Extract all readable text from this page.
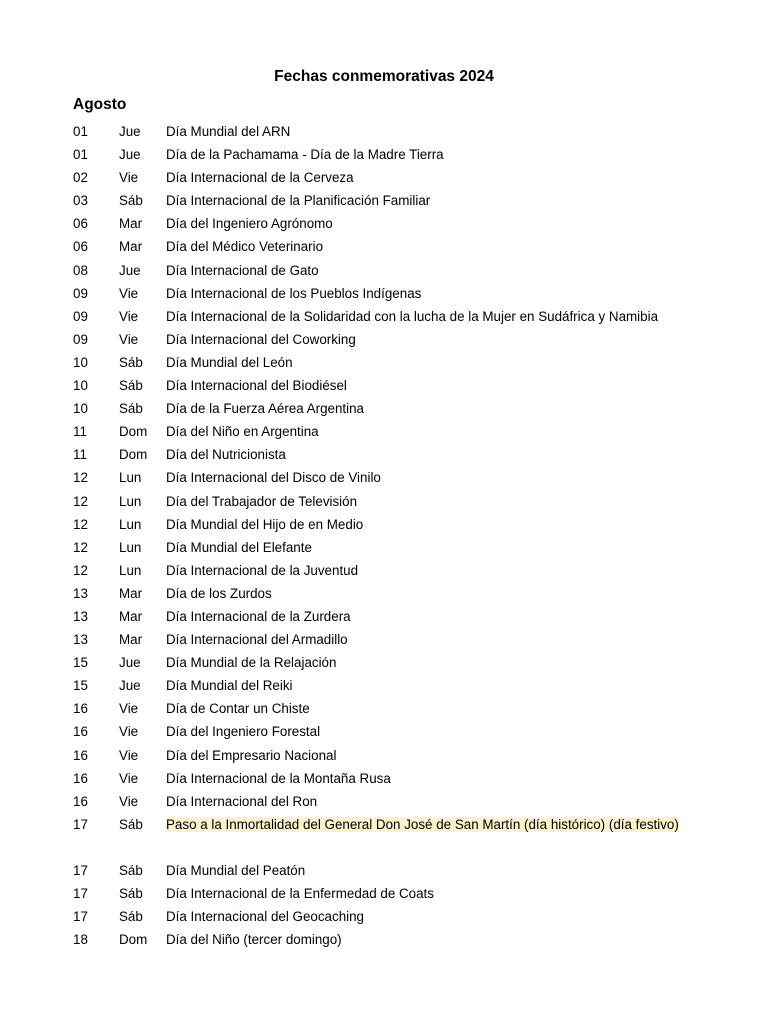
Fechas conmemorativas 2024
Agosto
01 Jue Día Mundial del ARN
01 Jue Día de la Pachamama - Día de la Madre Tierra
02 Vie Día Internacional de la Cerveza
03 Sáb Día Internacional de la Planificación Familiar
06 Mar Día del Ingeniero Agrónomo
06 Mar Día del Médico Veterinario
08 Jue Día Internacional de Gato
09 Vie Día Internacional de los Pueblos Indígenas
09 Vie Día Internacional de la Solidaridad con la lucha de la Mujer en Sudáfrica y Namibia
09 Vie Día Internacional del Coworking
10 Sáb Día Mundial del León
10 Sáb Día Internacional del Biodiésel
10 Sáb Día de la Fuerza Aérea Argentina
11 Dom Día del Niño en Argentina
11 Dom Día del Nutricionista
12 Lun Día Internacional del Disco de Vinilo
12 Lun Día del Trabajador de Televisión
12 Lun Día Mundial del Hijo de en Medio
12 Lun Día Mundial del Elefante
12 Lun Día Internacional de la Juventud
13 Mar Día de los Zurdos
13 Mar Día Internacional de la Zurdera
13 Mar Día Internacional del Armadillo
15 Jue Día Mundial de la Relajación
15 Jue Día Mundial del Reiki
16 Vie Día de Contar un Chiste
16 Vie Día del Ingeniero Forestal
16 Vie Día del Empresario Nacional
16 Vie Día Internacional de la Montaña Rusa
16 Vie Día Internacional del Ron
17 Sáb	Paso a la Inmortalidad del General Don José de San Martín (día histórico) (día festivo)
17 Sáb Día Mundial del Peatón
17 Sáb Día Internacional de la Enfermedad de Coats
17 Sáb Día Internacional del Geocaching
18 Dom Día del Niño (tercer domingo)
